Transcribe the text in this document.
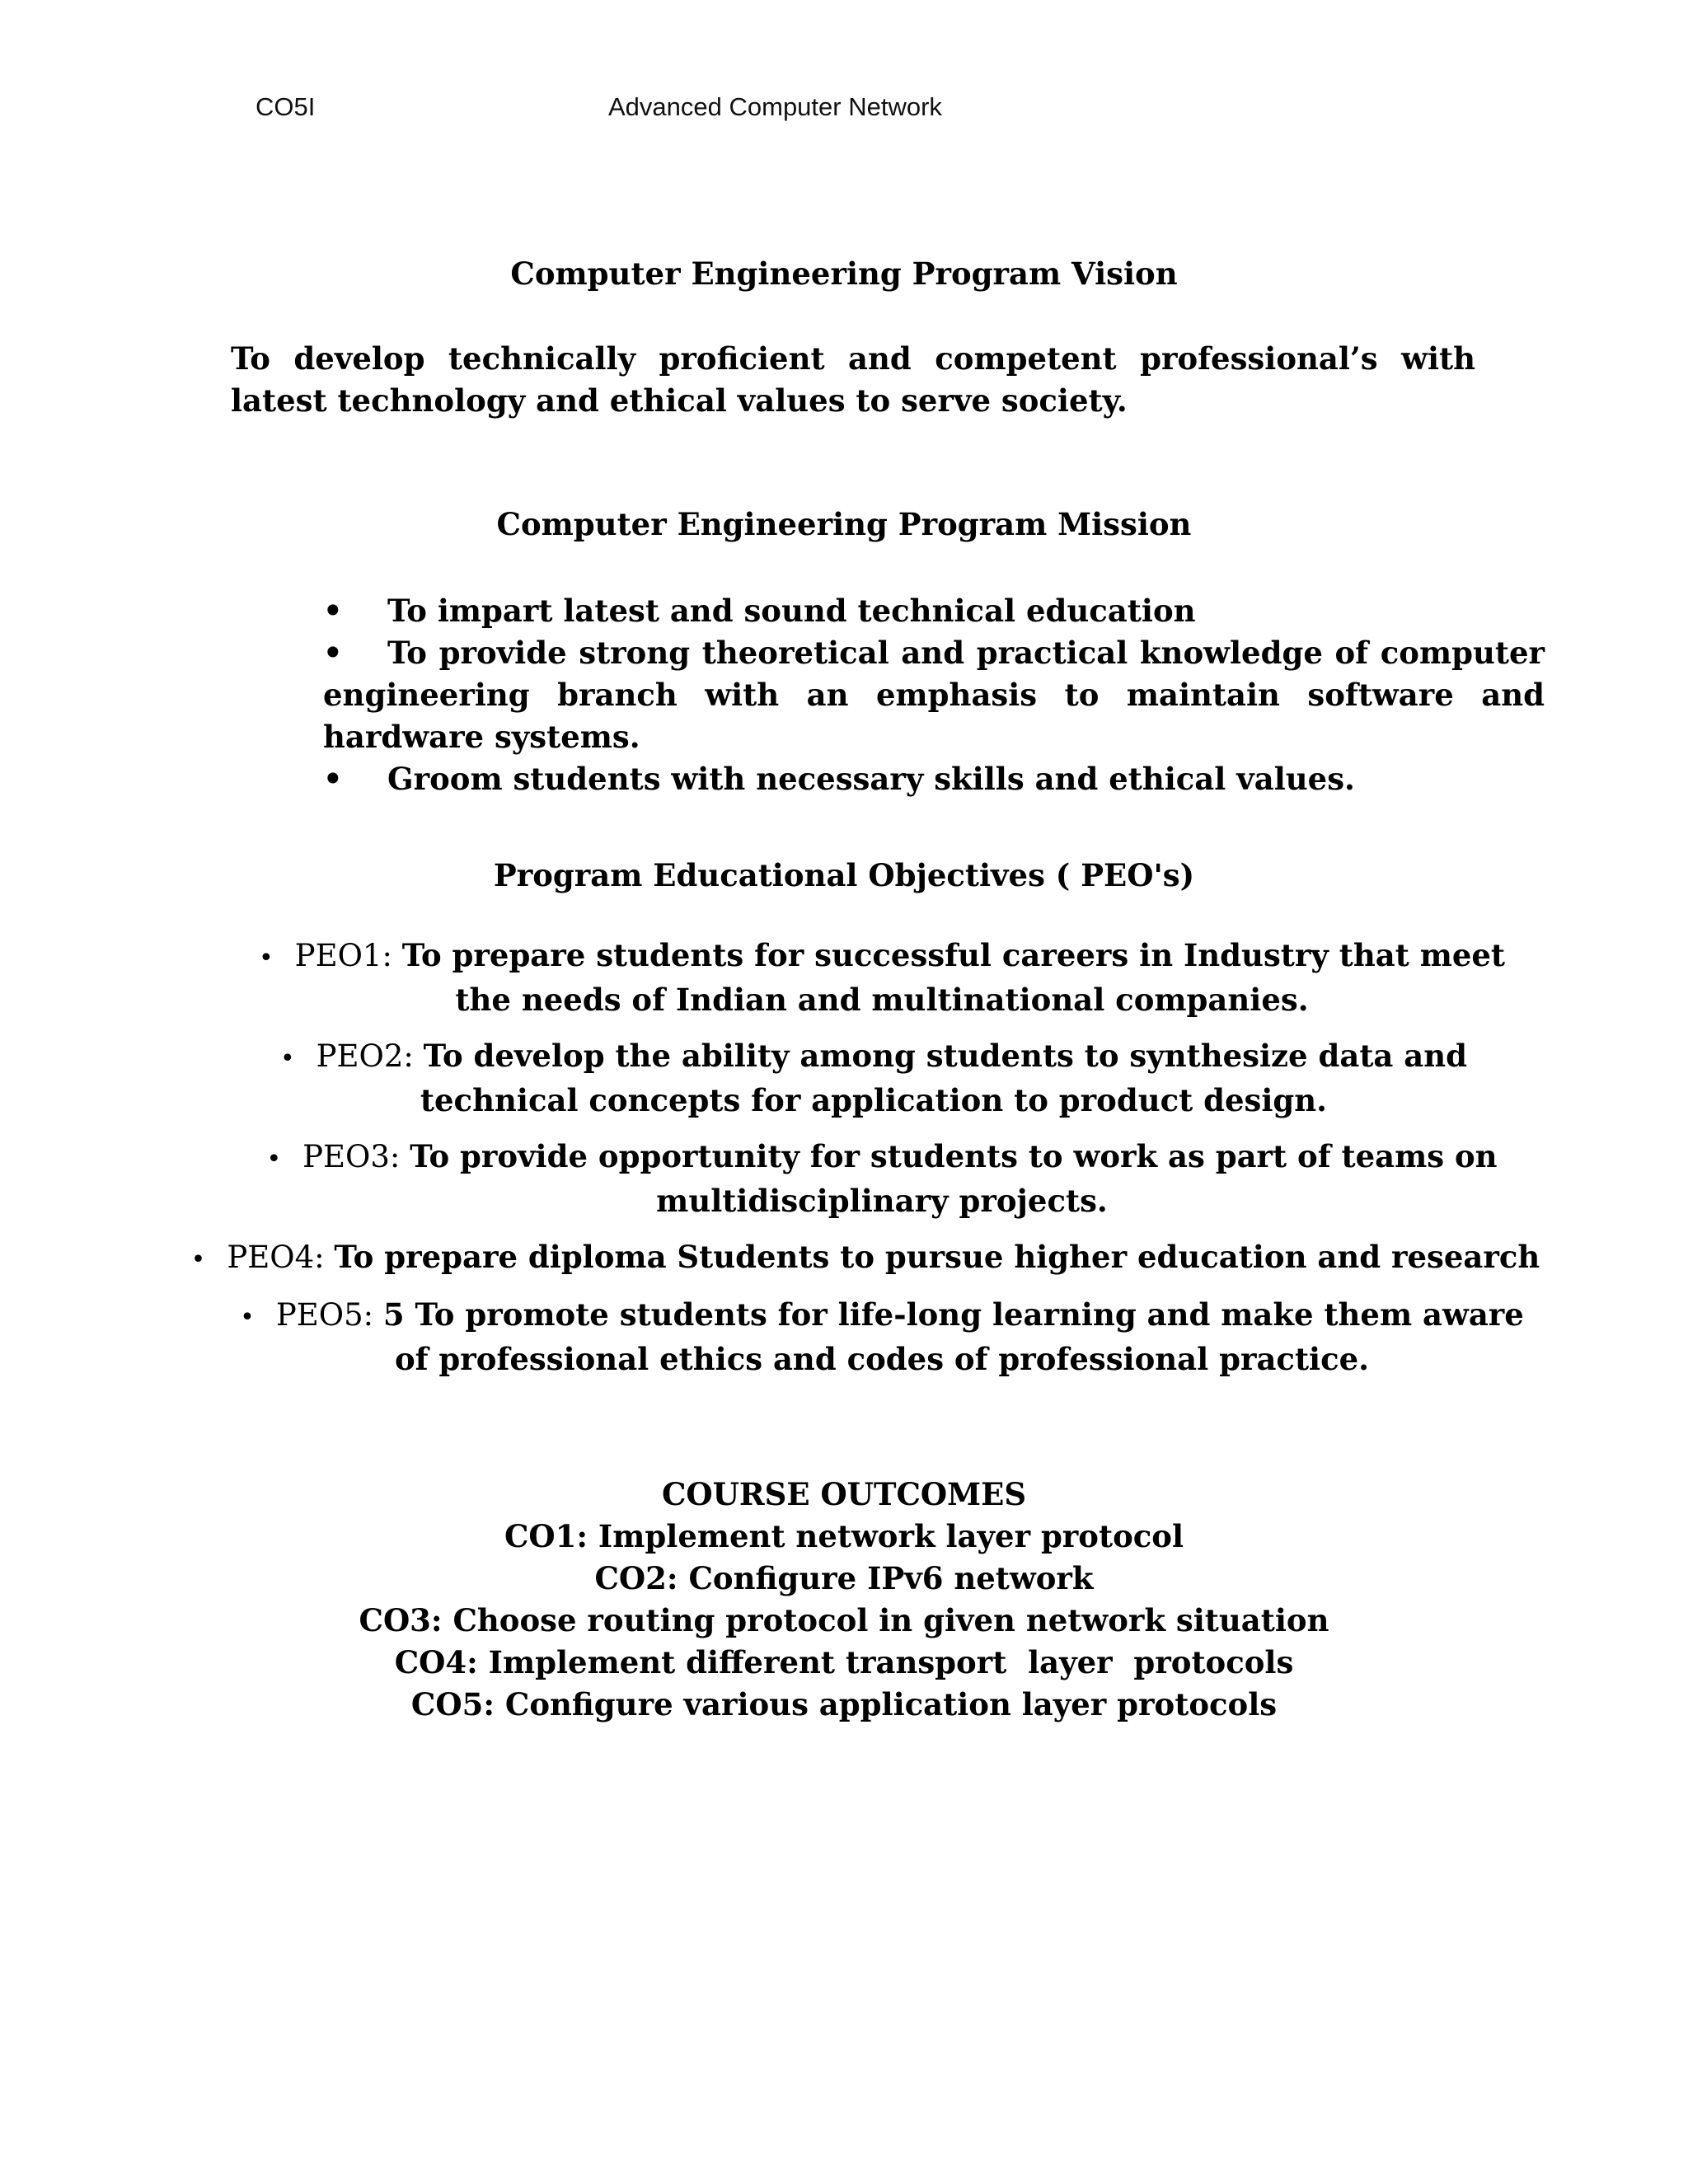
CO5I	Advanced Computer Network
Computer Engineering Program Vision

To develop technically proficient and competent professional’s with latest technology and ethical values to serve society.

Computer Engineering Program Mission
• To impart latest and sound technical education
• To provide strong theoretical and practical knowledge of computer engineering branch with an emphasis to maintain software and hardware systems.
• Groom students with necessary skills and ethical values.
Program Educational Objectives ( PEO's)

• PEO1: To prepare students for successful careers in Industry that meet the needs of Indian and multinational companies.

• PEO2: To develop the ability among students to synthesize data and technical concepts for application to product design.

• PEO3: To provide opportunity for students to work as part of teams on multidisciplinary projects.

• PEO4: To prepare diploma Students to pursue higher education and research

• PEO5: 5 To promote students for life-long learning and make them aware of professional ethics and codes of professional practice.

COURSE OUTCOMES
CO1: Implement network layer protocol
CO2: Configure IPv6 network
CO3: Choose routing protocol in given network situation
CO4: Implement different transport  layer  protocols
CO5: Configure various application layer protocols
